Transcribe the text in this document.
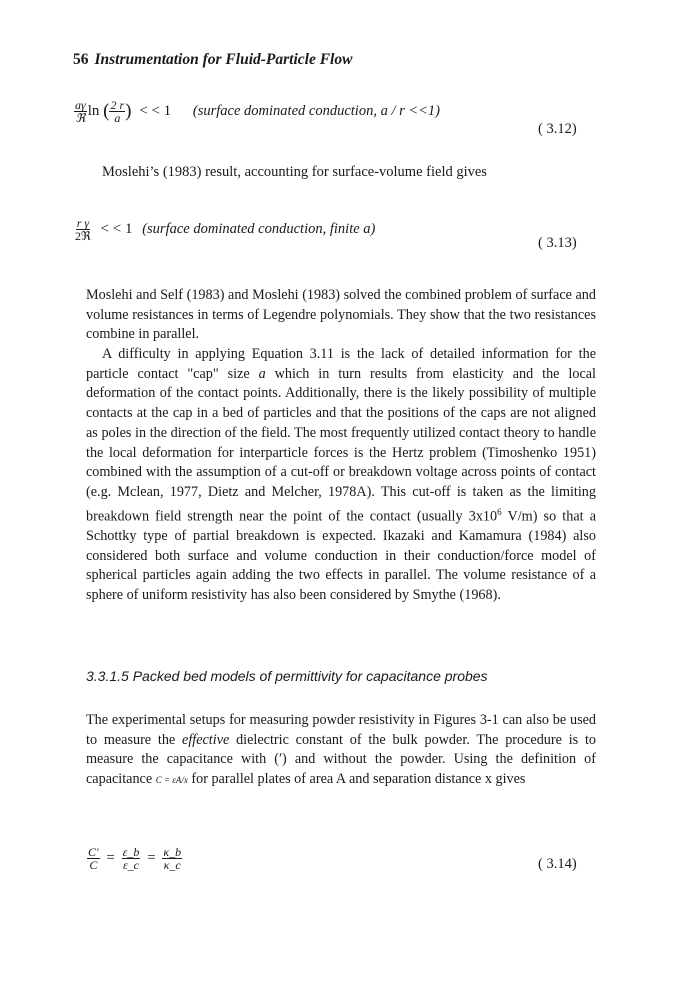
56 Instrumentation for Fluid-Particle Flow
$\frac{a\gamma}{\text{ℜ}}$ ln ( $\frac{2 r}{a}$ ) < < 1 (surface dominated conduction, a / r <<1)
( 3.12)
Moslehi’s (1983) result, accounting for surface-volume field gives
$\frac{\text{r γ}}{\text{2ℜ}}$ < < 1 (surface dominated conduction, finite a)
( 3.13)

Moslehi and Self (1983) and Moslehi (1983) solved the combined problem of surface and volume resistances in terms of Legendre polynomials. They show that the two resistances combine in parallel.

A difficulty in applying Equation 3.11 is the lack of detailed information for the particle contact "cap" size a which in turn results from elasticity and the local deformation of the contact points. Additionally, there is the likely possibility of multiple contacts at the cap in a bed of particles and that the positions of the caps are not aligned as poles in the direction of the field. The most frequently utilized contact theory to handle the local deformation for interparticle forces is the Hertz problem (Timoshenko 1951) combined with the assumption of a cut-off or breakdown voltage across points of contact (e.g. Mclean, 1977, Dietz and Melcher, 1978A). This cut-off is taken as the limiting breakdown field strength near the point of the contact (usually $3x10^6$ V/m) so that a Schottky type of partial breakdown is expected. Ikazaki and Kamamura (1984) also considered both surface and volume conduction in their conduction/force model of spherical particles again adding the two effects in parallel. The volume resistance of a sphere of uniform resistivity has also been considered by Smythe (1968).

3.3.1.5 Packed bed models of permittivity for capacitance probes

The experimental setups for measuring powder resistivity in Figures 3-1 can also be used to measure the effective dielectric constant of the bulk powder. The procedure is to measure the capacitance with (′) and without the powder. Using the definition of capacitance C = εA/x for parallel plates of area A and separation distance x gives

$\frac{C'}{C} = \frac{\varepsilon\_b}{\varepsilon\_c} = \frac{\kappa\_b}{\kappa\_c}$	( 3.14)
